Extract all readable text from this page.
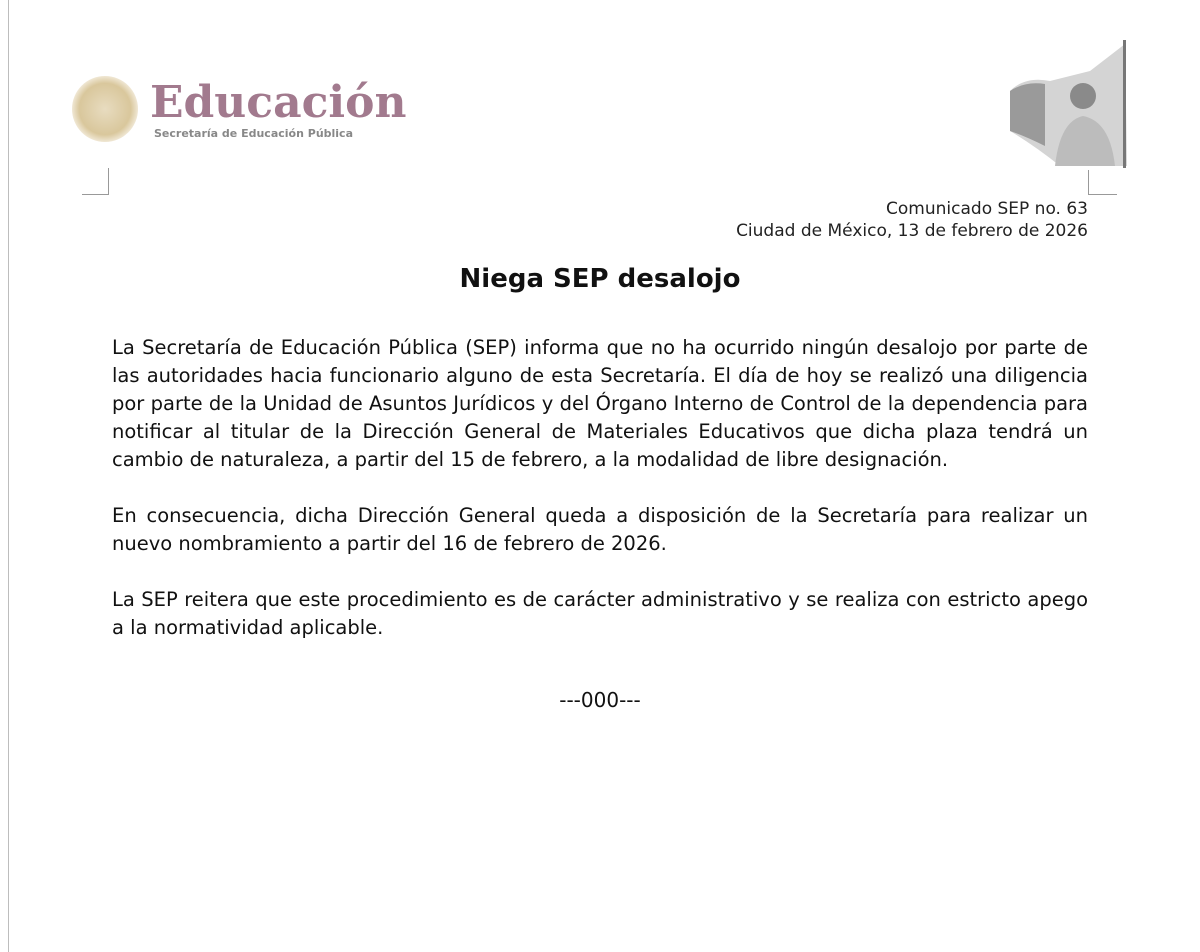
Educación
Secretaría de Educación Pública
Comunicado SEP no. 63
Ciudad de México, 13 de febrero de 2026
Niega SEP desalojo

La Secretaría de Educación Pública (SEP) informa que no ha ocurrido ningún desalojo por parte de las autoridades hacia funcionario alguno de esta Secretaría. El día de hoy se realizó una diligencia por parte de la Unidad de Asuntos Jurídicos y del Órgano Interno de Control de la dependencia para notificar al titular de la Dirección General de Materiales Educativos que dicha plaza tendrá un cambio de naturaleza, a partir del 15 de febrero, a la modalidad de libre designación.

En consecuencia, dicha Dirección General queda a disposición de la Secretaría para realizar un nuevo nombramiento a partir del 16 de febrero de 2026.

La SEP reitera que este procedimiento es de carácter administrativo y se realiza con estricto apego a la normatividad aplicable.

---000---
